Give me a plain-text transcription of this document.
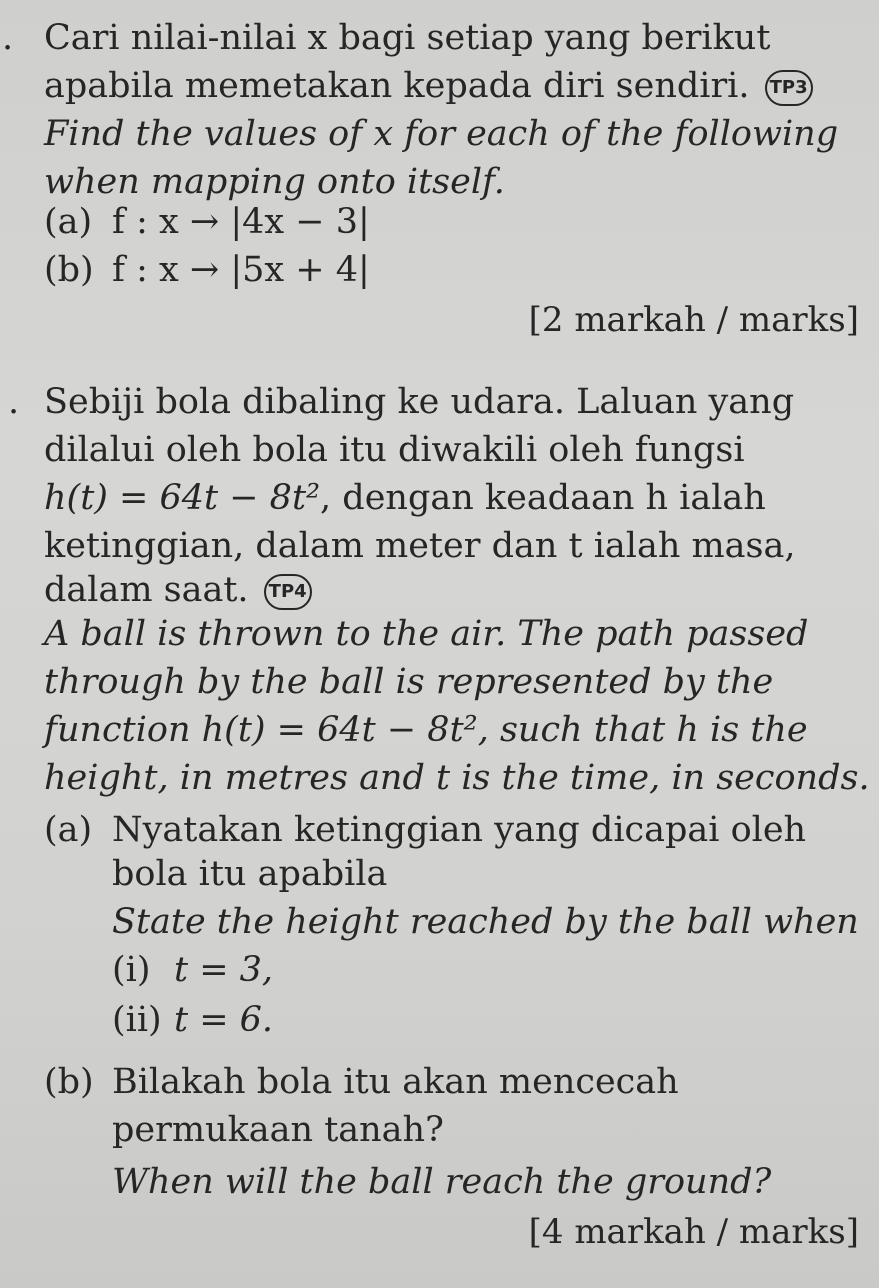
. Cari nilai-nilai x bagi setiap yang berikut
apabila memetakan kepada diri sendiri. TP3
Find the values of x for each of the following
when mapping onto itself.
(a) f : x → |4x − 3|
(b) f : x → |5x + 4|
[2 markah / marks]
. Sebiji bola dibaling ke udara. Laluan yang
dilalui oleh bola itu diwakili oleh fungsi
h(t) = 64t − 8t², dengan keadaan h ialah
ketinggian, dalam meter dan t ialah masa,
dalam saat. TP4
A ball is thrown to the air. The path passed
through by the ball is represented by the
function h(t) = 64t − 8t², such that h is the
height, in metres and t is the time, in seconds.
(a) Nyatakan ketinggian yang dicapai oleh
bola itu apabila
State the height reached by the ball when
(i) t = 3,
(ii) t = 6.
(b) Bilakah bola itu akan mencecah
permukaan tanah?
When will the ball reach the ground?
[4 markah / marks]
